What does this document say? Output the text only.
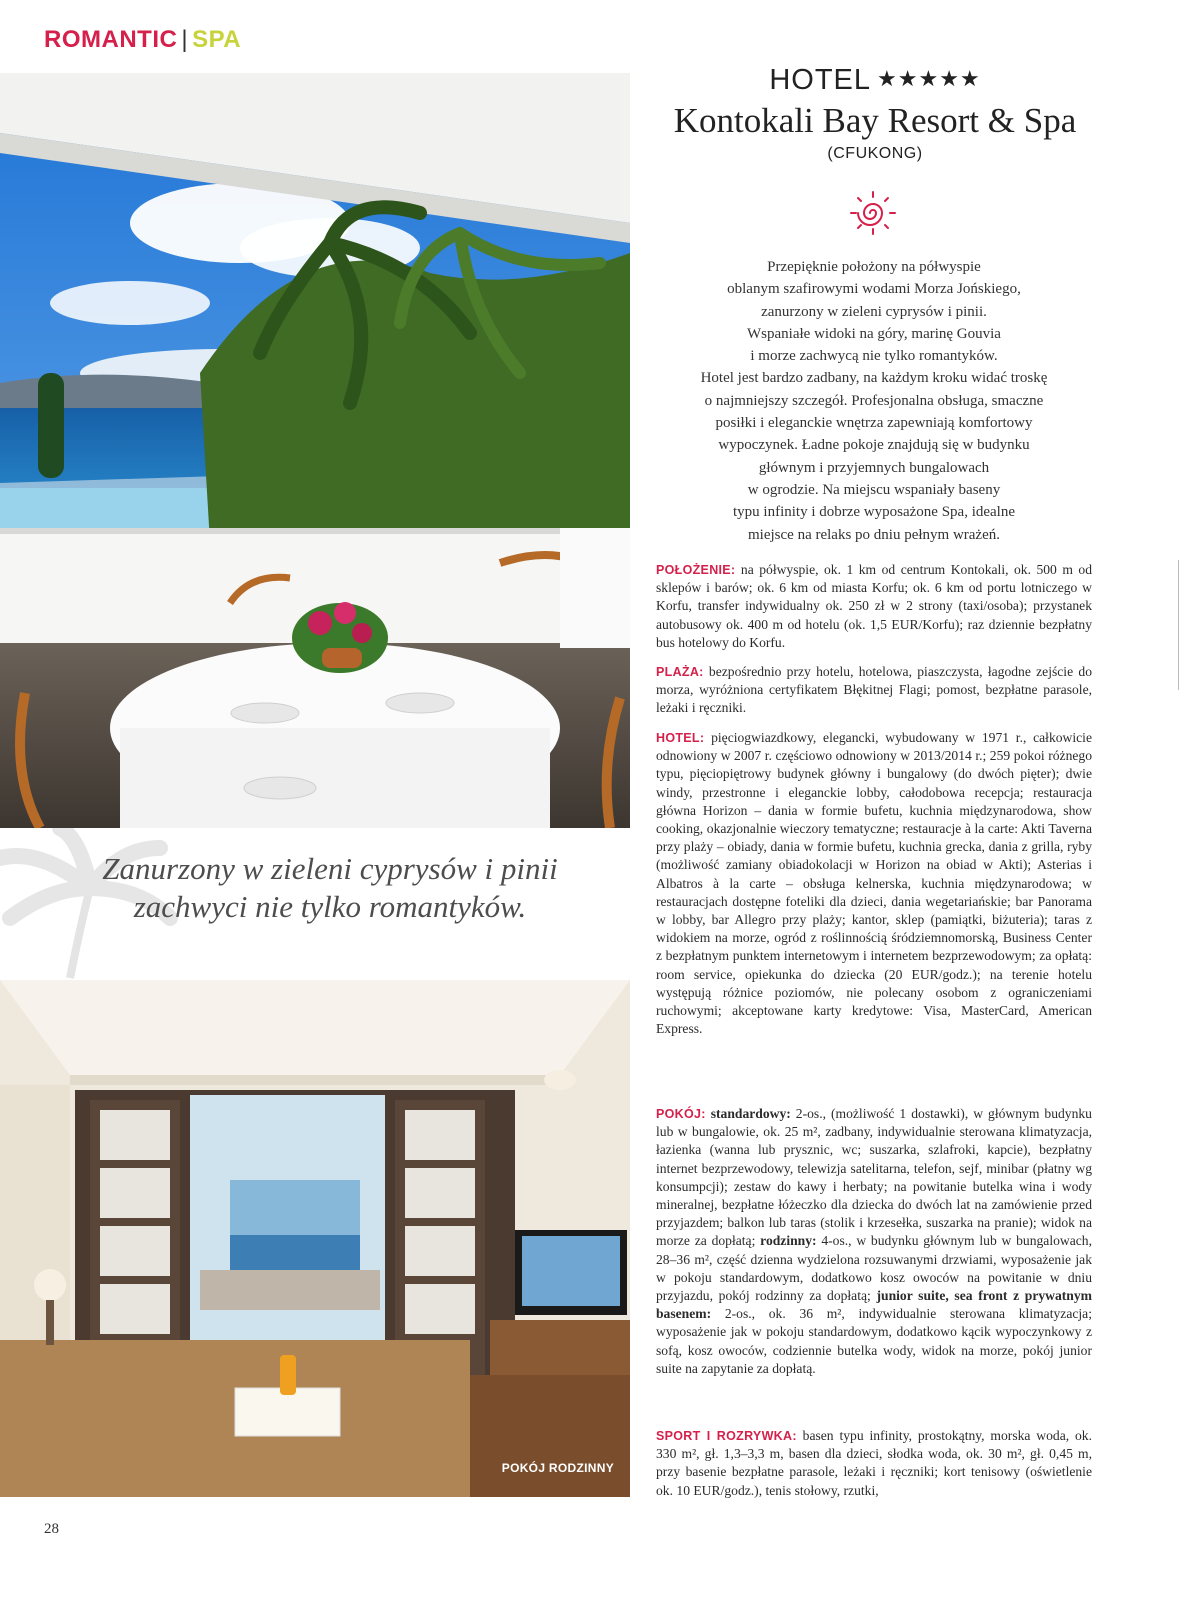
ROMANTIC | SPA
Zanurzony w zieleni cyprysów i pinii zachwyci nie tylko romantyków.
POKÓJ RODZINNY
HOTEL ★★★★★
Kontokali Bay Resort & Spa
(CFUKONG)
Przepięknie położony na półwyspie
oblanym szafirowymi wodami Morza Jońskiego,
zanurzony w zieleni cyprysów i pinii.
Wspaniałe widoki na góry, marinę Gouvia
i morze zachwycą nie tylko romantyków.
Hotel jest bardzo zadbany, na każdym kroku widać troskę
o najmniejszy szczegół. Profesjonalna obsługa, smaczne
posiłki i eleganckie wnętrza zapewniają komfortowy
wypoczynek. Ładne pokoje znajdują się w budynku
głównym i przyjemnych bungalowach
w ogrodzie. Na miejscu wspaniały baseny
typu infinity i dobrze wyposażone Spa, idealne
miejsce na relaks po dniu pełnym wrażeń.
POŁOŻENIE: na półwyspie, ok. 1 km od centrum Kontokali, ok. 500 m od sklepów i barów; ok. 6 km od miasta Korfu; ok. 6 km od portu lotniczego w Korfu, transfer indywidualny ok. 250 zł w 2 strony (taxi/osoba); przystanek autobusowy ok. 400 m od hotelu (ok. 1,5 EUR/Korfu); raz dziennie bezpłatny bus hotelowy do Korfu.
PLAŻA: bezpośrednio przy hotelu, hotelowa, piaszczysta, łagodne zejście do morza, wyróżniona certyfikatem Błękitnej Flagi; pomost, bezpłatne parasole, leżaki i ręczniki.
HOTEL: pięciogwiazdkowy, elegancki, wybudowany w 1971 r., całkowicie odnowiony w 2007 r. częściowo odnowiony w 2013/2014 r.; 259 pokoi różnego typu, pięciopiętrowy budynek główny i bungalowy (do dwóch pięter); dwie windy, przestronne i eleganckie lobby, całodobowa recepcja; restauracja główna Horizon – dania w formie bufetu, kuchnia międzynarodowa, show cooking, okazjonalnie wieczory tematyczne; restauracje à la carte: Akti Taverna przy plaży – obiady, dania w formie bufetu, kuchnia grecka, dania z grilla, ryby (możliwość zamiany obiadokolacji w Horizon na obiad w Akti); Asterias i Albatros à la carte – obsługa kelnerska, kuchnia międzynarodowa; w restauracjach dostępne foteliki dla dzieci, dania wegetariańskie; bar Panorama w lobby, bar Allegro przy plaży; kantor, sklep (pamiątki, biżuteria); taras z widokiem na morze, ogród z roślinnością śródziemnomorską, Business Center z bezpłatnym punktem internetowym i internetem bezprzewodowym; za opłatą: room service, opiekunka do dziecka (20 EUR/godz.); na terenie hotelu występują różnice poziomów, nie polecany osobom z ograniczeniami ruchowymi; akceptowane karty kredytowe: Visa, MasterCard, American Express.
POKÓJ: standardowy: 2-os., (możliwość 1 dostawki), w głównym budynku lub w bungalowie, ok. 25 m², zadbany, indywidualnie sterowana klimatyzacja, łazienka (wanna lub prysznic, wc; suszarka, szlafroki, kapcie), bezpłatny internet bezprzewodowy, telewizja satelitarna, telefon, sejf, minibar (płatny wg konsumpcji); zestaw do kawy i herbaty; na powitanie butelka wina i wody mineralnej, bezpłatne łóżeczko dla dziecka do dwóch lat na zamówienie przed przyjazdem; balkon lub taras (stolik i krzesełka, suszarka na pranie); widok na morze za dopłatą; rodzinny: 4-os., w budynku głównym lub w bungalowach, 28–36 m², część dzienna wydzielona rozsuwanymi drzwiami, wyposażenie jak w pokoju standardowym, dodatkowo kosz owoców na powitanie w dniu przyjazdu, pokój rodzinny za dopłatą; junior suite, sea front z prywatnym basenem: 2-os., ok. 36 m², indywidualnie sterowana klimatyzacja; wyposażenie jak w pokoju standardowym, dodatkowo kącik wypoczynkowy z sofą, kosz owoców, codziennie butelka wody, widok na morze, pokój junior suite na zapytanie za dopłatą.
SPORT I ROZRYWKA: basen typu infinity, prostokątny, morska woda, ok. 330 m², gł. 1,3–3,3 m, basen dla dzieci, słodka woda, ok. 30 m², gł. 0,45 m, przy basenie bezpłatne parasole, leżaki i ręczniki; kort tenisowy (oświetlenie ok. 10 EUR/godz.), tenis stołowy, rzutki,
28
